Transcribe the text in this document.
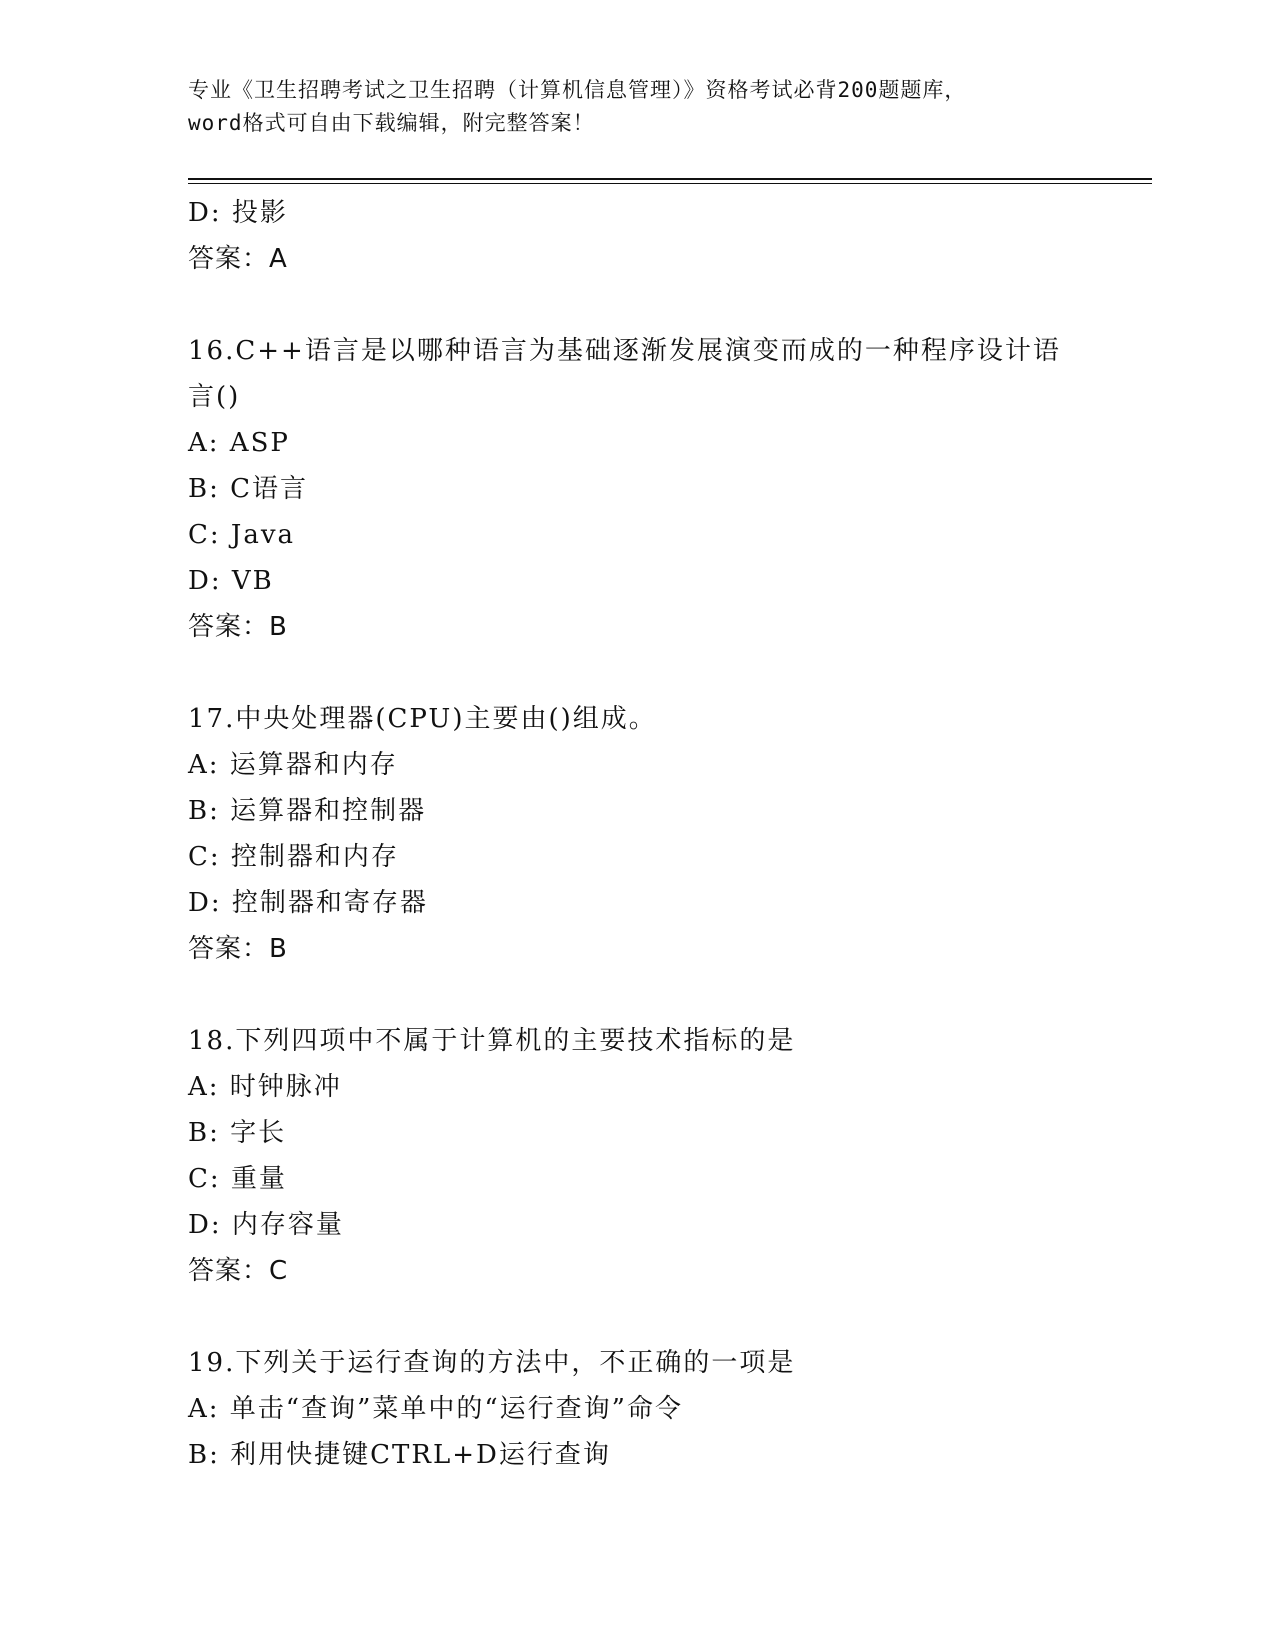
专业《卫生招聘考试之卫生招聘（计算机信息管理）》资格考试必背200题题库，
word格式可自由下载编辑，附完整答案！
D: 投影
答案：A
16.C++语言是以哪种语言为基础逐渐发展演变而成的一种程序设计语
言()
A: ASP
B: C语言
C: Java
D: VB
答案：B
17.中央处理器(CPU)主要由()组成。
A: 运算器和内存
B: 运算器和控制器
C: 控制器和内存
D: 控制器和寄存器
答案：B
18.下列四项中不属于计算机的主要技术指标的是
A: 时钟脉冲
B: 字长
C: 重量
D: 内存容量
答案：C
19.下列关于运行查询的方法中，不正确的一项是
A: 单击“查询”菜单中的“运行查询”命令
B: 利用快捷键CTRL+D运行查询
